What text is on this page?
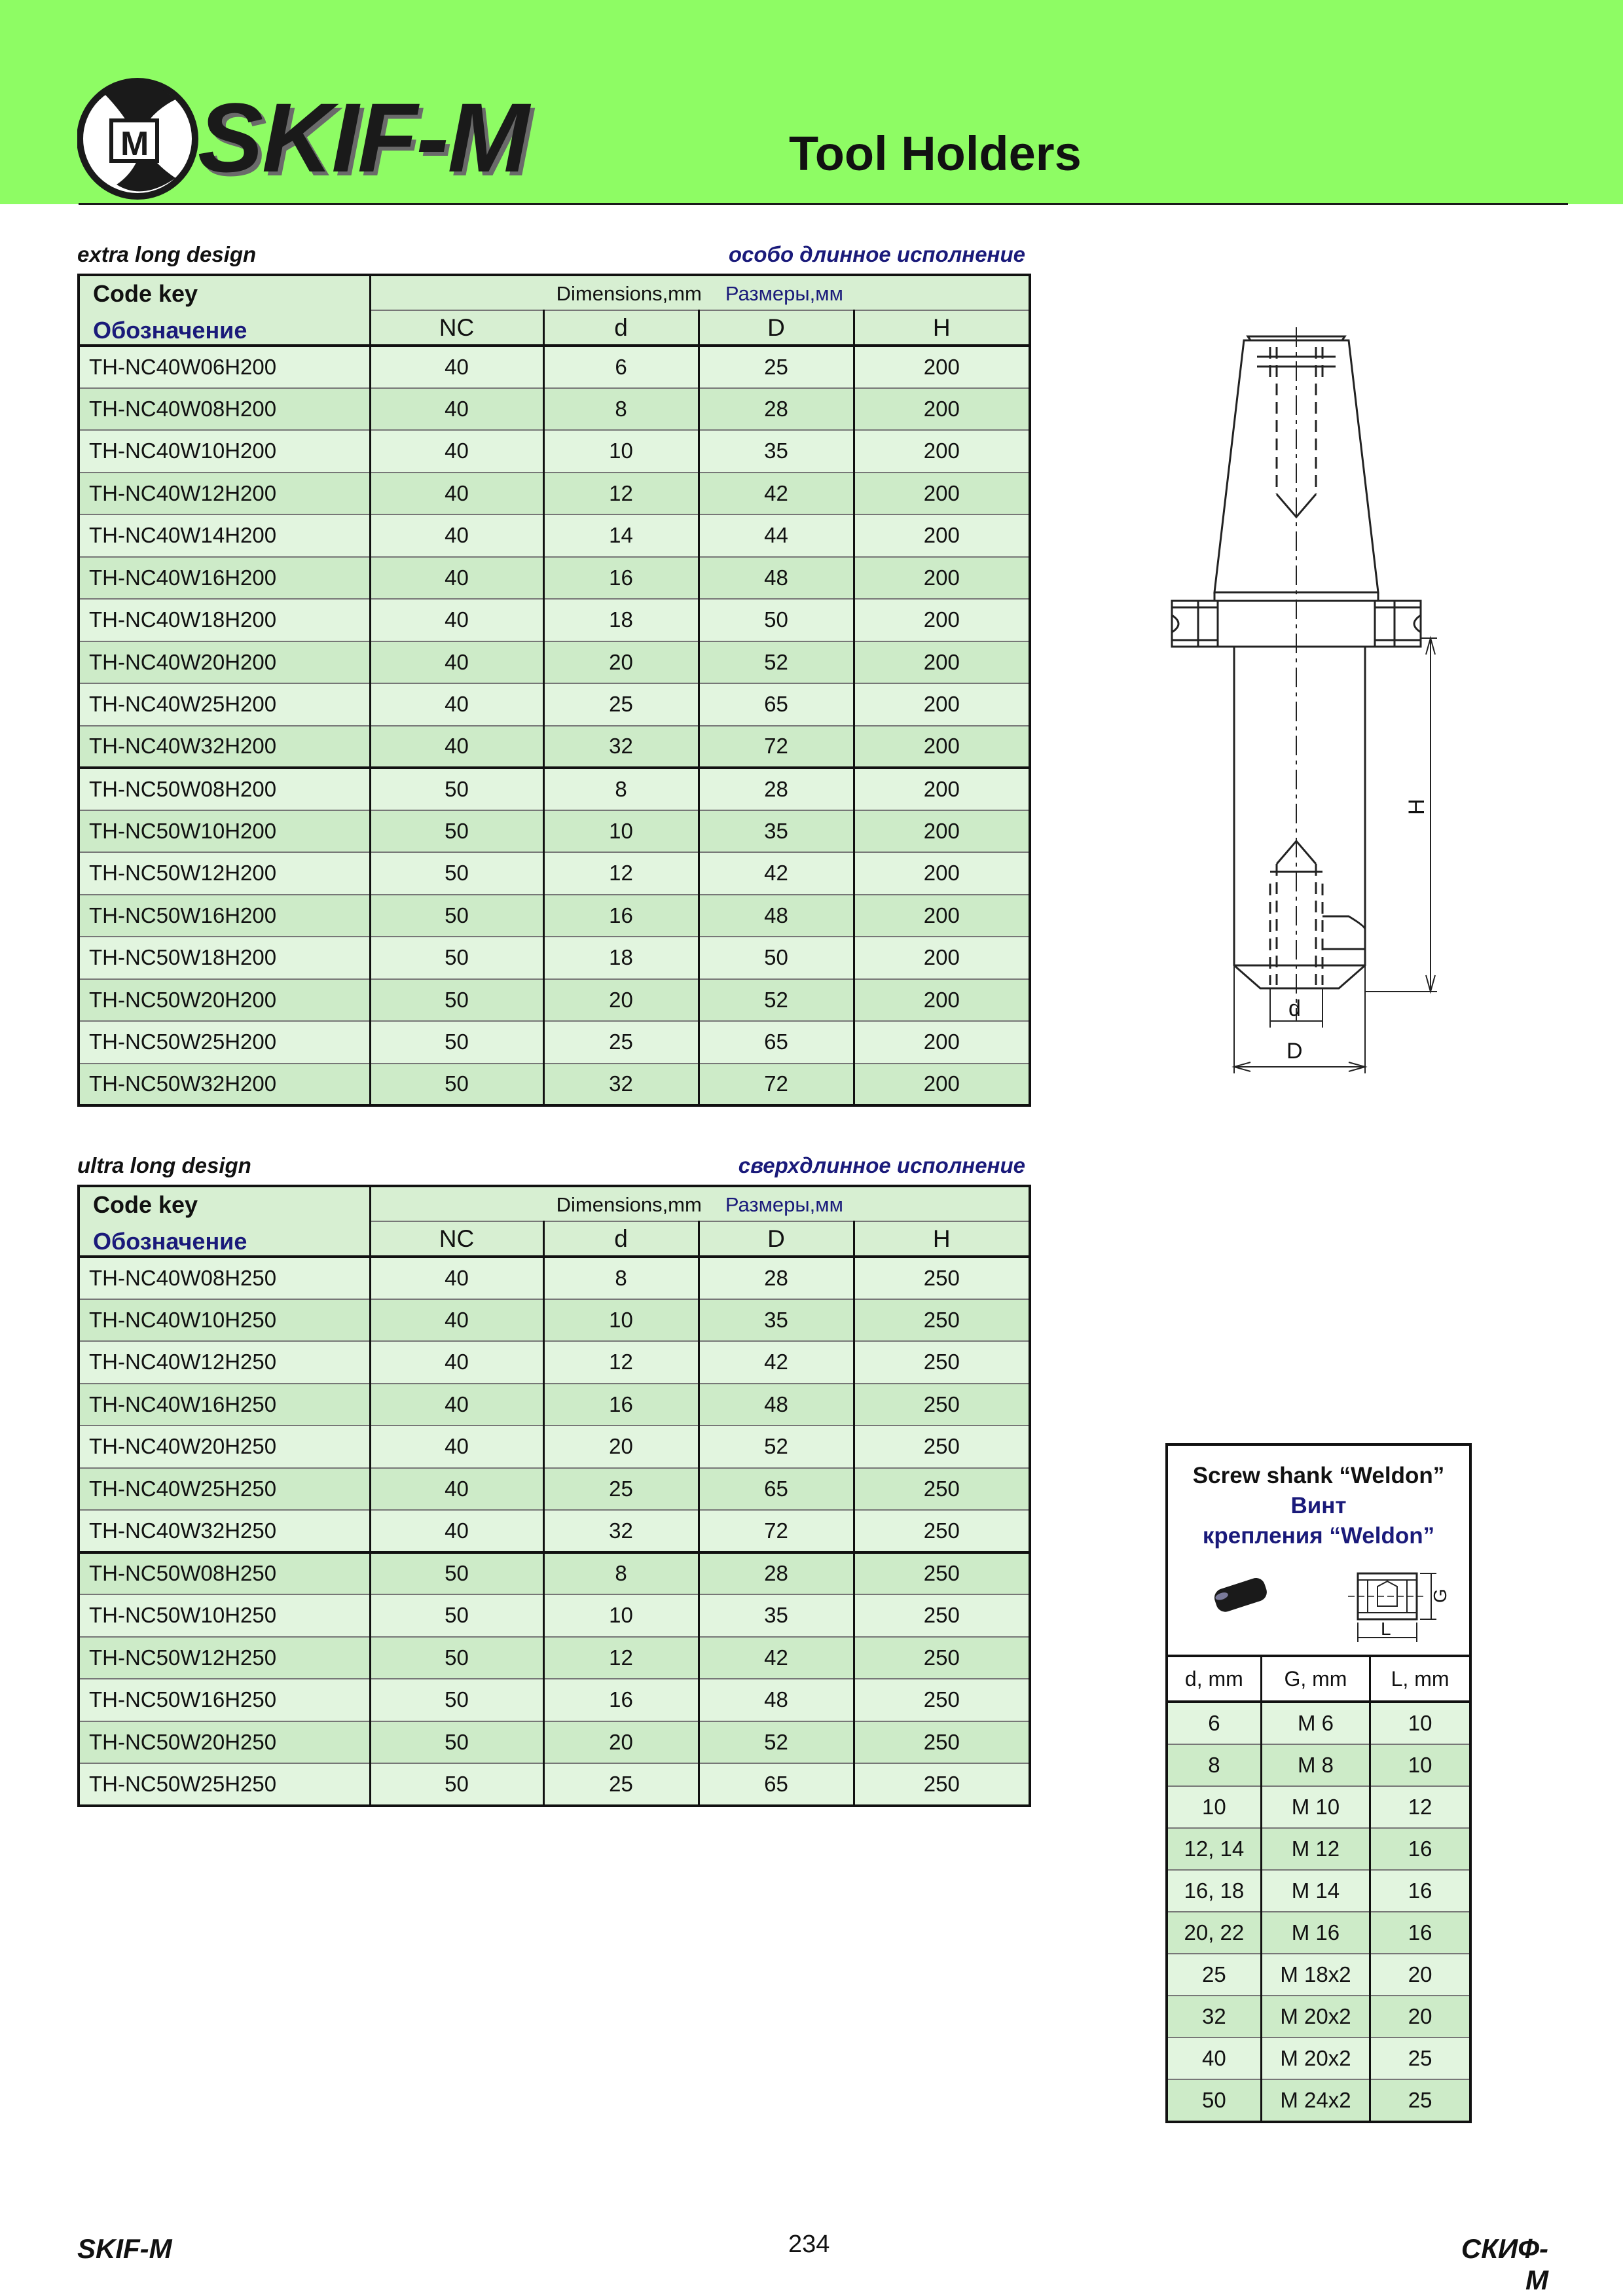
M SKIF-M	Tool Holders
extra long design	особо длинное исполнение
Code key
Обозначение	Dimensions,mm Размеры,мм			
	NC	d	D	H
TH-NC40W06H200	40	6	25	200
TH-NC40W08H200	40	8	28	200
TH-NC40W10H200	40	10	35	200
TH-NC40W12H200	40	12	42	200
TH-NC40W14H200	40	14	44	200
TH-NC40W16H200	40	16	48	200
TH-NC40W18H200	40	18	50	200
TH-NC40W20H200	40	20	52	200
TH-NC40W25H200	40	25	65	200
TH-NC40W32H200	40	32	72	200
TH-NC50W08H200	50	8	28	200
TH-NC50W10H200	50	10	35	200
TH-NC50W12H200	50	12	42	200
TH-NC50W16H200	50	16	48	200
TH-NC50W18H200	50	18	50	200
TH-NC50W20H200	50	20	52	200
TH-NC50W25H200	50	25	65	200
TH-NC50W32H200	50	32	72	200
ultra long design	сверхдлинное исполнение
Code key
Обозначение	Dimensions,mm Размеры,мм			
	NC	d	D	H
TH-NC40W08H250	40	8	28	250
TH-NC40W10H250	40	10	35	250
TH-NC40W12H250	40	12	42	250
TH-NC40W16H250	40	16	48	250
TH-NC40W20H250	40	20	52	250
TH-NC40W25H250	40	25	65	250
TH-NC40W32H250	40	32	72	250
TH-NC50W08H250	50	8	28	250
TH-NC50W10H250	50	10	35	250
TH-NC50W12H250	50	12	42	250
TH-NC50W16H250	50	16	48	250
TH-NC50W20H250	50	20	52	250
TH-NC50W25H250	50	25	65	250
H
d
D
Screw shank “Weldon”
Винт
крепления “Weldon”
G
L
d, mm	G, mm	L, mm
6	M 6	10
8	M 8	10
10	M 10	12
12, 14	M 12	16
16, 18	M 14	16
20, 22	M 16	16
25	M 18x2	20
32	M 20x2	20
40	M 20x2	25
50	M 24x2	25
SKIF-M	234	СКИФ-М
